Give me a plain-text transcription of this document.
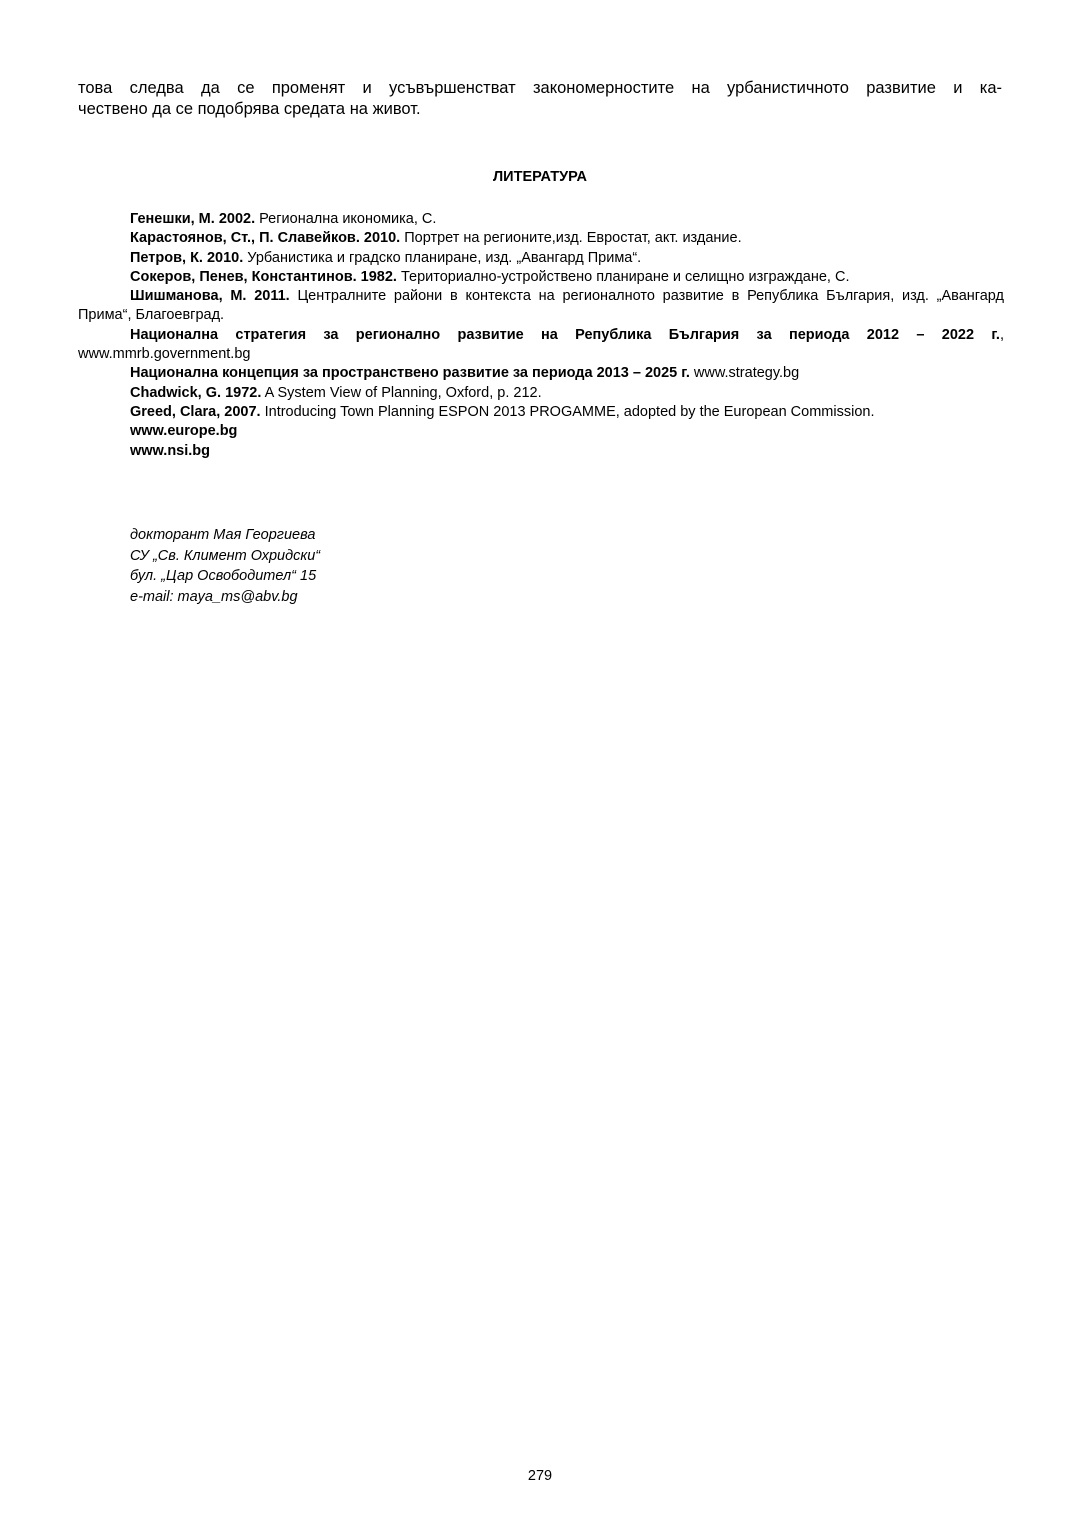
това следва да се променят и усъвършенстват закономерностите на урбанистичното развитие и ка-
чествено да се подобрява средата на живот.

ЛИТЕРАТУРА

Генешки, М. 2002. Регионална икономика, С.

Карастоянов, Ст., П. Славейков. 2010. Портрет на регионите,изд. Евростат, акт. издание.

Петров, К. 2010. Урбанистика и градско планиране, изд. „Авангард Прима“.

Сокеров, Пенев, Константинов. 1982. Териториално-устройствено планиране и селищно изграждане, С.

Шишманова, М. 2011. Централните райони в контекста на регионалното развитие в Република България, изд. „Авангард Прима“, Благоевград.

Национална стратегия за регионално развитие на Република България за периода 2012 – 2022 г., www.mmrb.government.bg

Национална концепция за пространствено развитие за периода 2013 – 2025 г. www.strategy.bg

Chadwick, G. 1972. A System View of Planning, Oxford, p. 212.

Greed, Clara, 2007. Introducing Town Planning ESPON 2013 PROGAMME, adopted by the European Commission.

www.europe.bg

www.nsi.bg

докторант Мая Георгиева
СУ „Св. Климент Охридски“
бул. „Цар Освободител“ 15
e-mail: maya_ms@abv.bg
279
